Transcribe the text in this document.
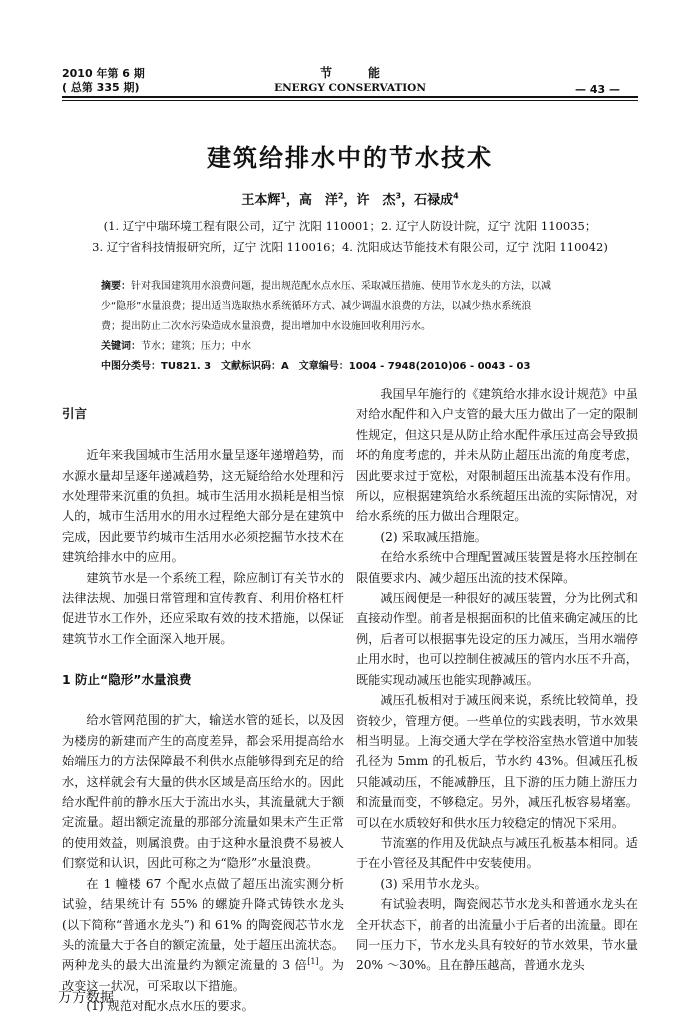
2010 年第 6 期
( 总第 335 期)
节　　　能
ENERGY CONSERVATION	— 43 —
建筑给排水中的节水技术
王本辉$^1$，高　洋$^2$，许　杰$^3$，石禄成$^4$
(1. 辽宁中瑞环境工程有限公司，辽宁 沈阳 110001；2. 辽宁人防设计院，辽宁 沈阳 110035；
3. 辽宁省科技情报研究所，辽宁 沈阳 110016；4. 沈阳成达节能技术有限公司，辽宁 沈阳 110042)
摘要：针对我国建筑用水浪费问题，提出规范配水点水压、采取减压措施、使用节水龙头的方法，以减
少“隐形”水量浪费；提出适当选取热水系统循环方式、减少调温水浪费的方法，以减少热水系统浪
费；提出防止二次水污染造成水量浪费，提出增加中水设施回收利用污水。
关键词：节水；建筑；压力；中水
中图分类号：TU821. 3　文献标识码：A　文章编号：1004 - 7948(2010)06 - 0043 - 03
引言

近年来我国城市生活用水量呈逐年递增趋势，而水源水量却呈逐年递减趋势，这无疑给给水处理和污水处理带来沉重的负担。城市生活用水损耗是相当惊人的，城市生活用水的用水过程绝大部分是在建筑中完成，因此要节约城市生活用水必须挖掘节水技术在建筑给排水中的应用。

建筑节水是一个系统工程，除应制订有关节水的法律法规、加强日常管理和宣传教育、利用价格杠杆促进节水工作外，还应采取有效的技术措施，以保证建筑节水工作全面深入地开展。

1 防止“隐形”水量浪费

给水管网范围的扩大，输送水管的延长，以及因为楼房的新建而产生的高度差异，都会采用提高给水始端压力的方法保障最不利供水点能够得到充足的给水，这样就会有大量的供水区域是高压给水的。因此给水配件前的静水压大于流出水头，其流量就大于额定流量。超出额定流量的那部分流量如果未产生正常的使用效益，则属浪费。由于这种水量浪费不易被人们察觉和认识，因此可称之为“隐形”水量浪费。

在 1 幢楼 67 个配水点做了超压出流实测分析试验，结果统计有 55% 的螺旋升降式铸铁水龙头 (以下简称“普通水龙头”) 和 61% 的陶瓷阀芯节水龙头的流量大于各自的额定流量，处于超压出流状态。两种龙头的最大出流量约为额定流量的 3 倍[1]。为改变这一状况，可采取以下措施。

(1) 规范对配水点水压的要求。

我国早年施行的《建筑给水排水设计规范》中虽对给水配件和入户支管的最大压力做出了一定的限制性规定，但这只是从防止给水配件承压过高会导致损坏的角度考虑的，并未从防止超压出流的角度考虑，因此要求过于宽松，对限制超压出流基本没有作用。所以，应根据建筑给水系统超压出流的实际情况，对给水系统的压力做出合理限定。

(2) 采取减压措施。

在给水系统中合理配置减压装置是将水压控制在限值要求内、减少超压出流的技术保障。

减压阀便是一种很好的减压装置，分为比例式和直接动作型。前者是根据面积的比值来确定减压的比例，后者可以根据事先设定的压力减压，当用水端停止用水时，也可以控制住被减压的管内水压不升高，既能实现动减压也能实现静减压。

减压孔板相对于减压阀来说，系统比较简单，投资较少，管理方便。一些单位的实践表明，节水效果相当明显。上海交通大学在学校浴室热水管道中加装孔径为 5mm 的孔板后，节水约 43%。但减压孔板只能减动压，不能减静压，且下游的压力随上游压力和流量而变，不够稳定。另外，减压孔板容易堵塞。可以在水质较好和供水压力较稳定的情况下采用。

节流塞的作用及优缺点与减压孔板基本相同。适于在小管径及其配件中安装使用。

(3) 采用节水龙头。

有试验表明，陶瓷阀芯节水龙头和普通水龙头在全开状态下，前者的出流量小于后者的出流量。即在同一压力下，节水龙头具有较好的节水效果，节水量 20% ～30%。且在静压越高，普通水龙头

万方数据
